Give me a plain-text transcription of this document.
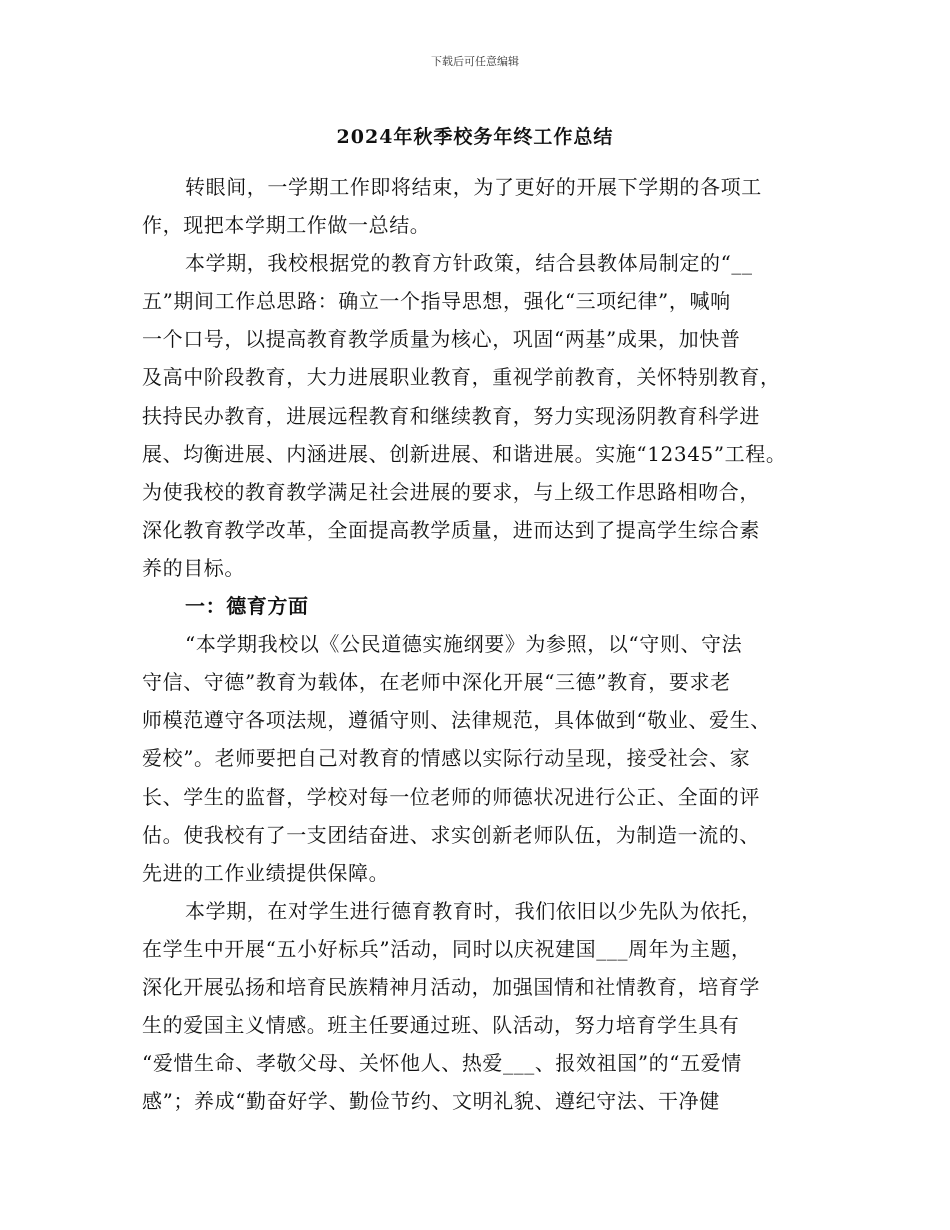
下载后可任意编辑
2024年秋季校务年终工作总结
转眼间，一学期工作即将结束，为了更好的开展下学期的各项工
作，现把本学期工作做一总结。
本学期，我校根据党的教育方针政策，结合县教体局制定的“__
五”期间工作总思路：确立一个指导思想，强化“三项纪律”，喊响
一个口号，以提高教育教学质量为核心，巩固“两基”成果，加快普
及高中阶段教育，大力进展职业教育，重视学前教育，关怀特别教育，
扶持民办教育，进展远程教育和继续教育，努力实现汤阴教育科学进
展、均衡进展、内涵进展、创新进展、和谐进展。实施“12345”工程。
为使我校的教育教学满足社会进展的要求，与上级工作思路相吻合，
深化教育教学改革，全面提高教学质量，进而达到了提高学生综合素
养的目标。
一：德育方面
“本学期我校以《公民道德实施纲要》为参照，以“守则、守法
守信、守德”教育为载体，在老师中深化开展“三德”教育，要求老
师模范遵守各项法规，遵循守则、法律规范，具体做到“敬业、爱生、
爱校”。老师要把自己对教育的情感以实际行动呈现，接受社会、家
长、学生的监督，学校对每一位老师的师德状况进行公正、全面的评
估。使我校有了一支团结奋进、求实创新老师队伍，为制造一流的、
先进的工作业绩提供保障。
本学期，在对学生进行德育教育时，我们依旧以少先队为依托，
在学生中开展“五小好标兵”活动，同时以庆祝建国___周年为主题，
深化开展弘扬和培育民族精神月活动，加强国情和社情教育，培育学
生的爱国主义情感。班主任要通过班、队活动，努力培育学生具有
“爱惜生命、孝敬父母、关怀他人、热爱___、报效祖国”的“五爱情
感”；养成“勤奋好学、勤俭节约、文明礼貌、遵纪守法、干净健
